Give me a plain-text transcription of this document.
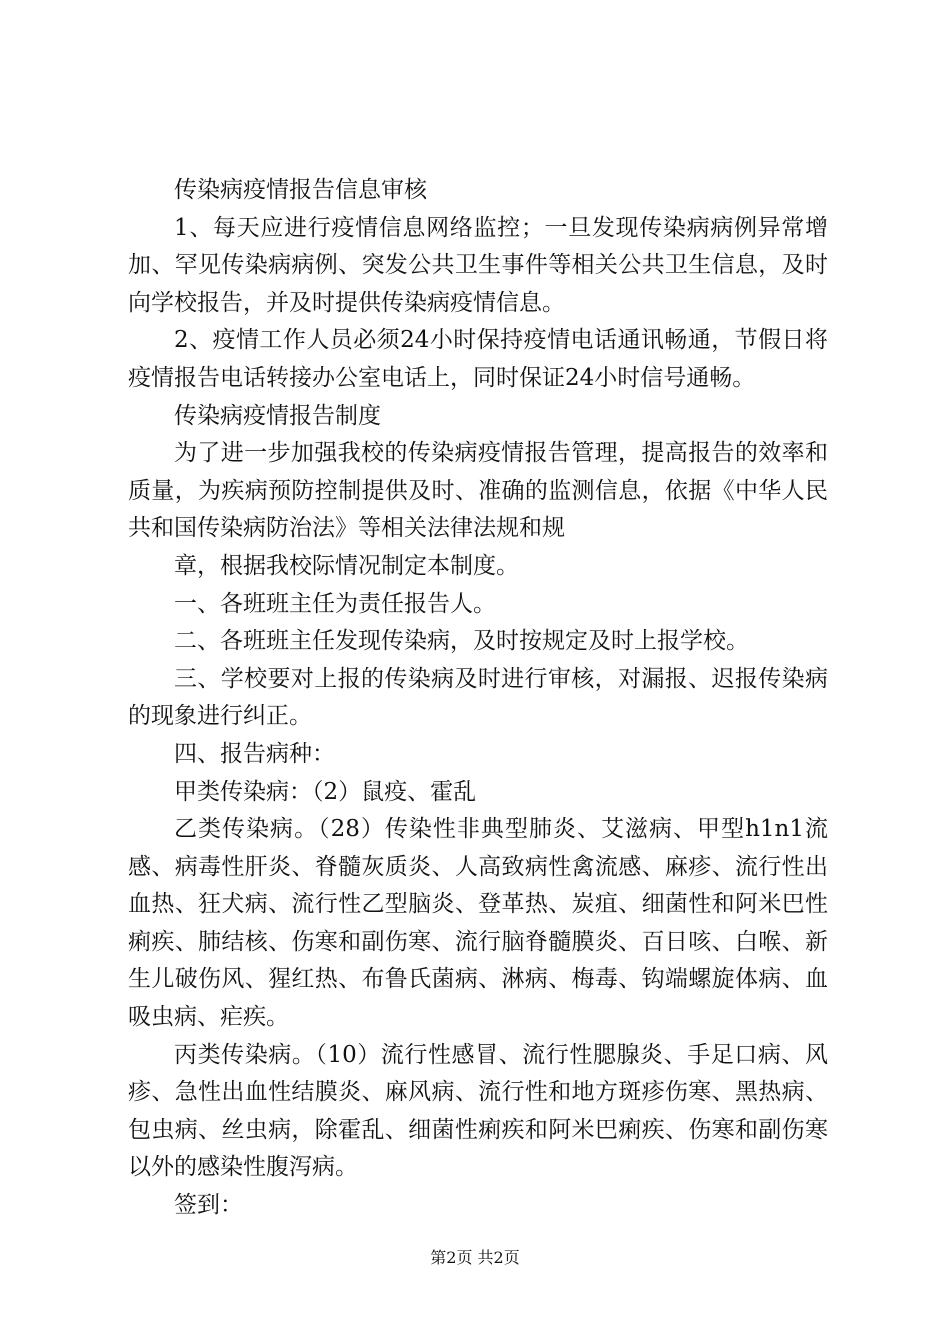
传染病疫情报告信息审核

1、每天应进行疫情信息网络监控；一旦发现传染病病例异常增加、罕见传染病病例、突发公共卫生事件等相关公共卫生信息，及时向学校报告，并及时提供传染病疫情信息。

2、疫情工作人员必须24小时保持疫情电话通讯畅通，节假日将疫情报告电话转接办公室电话上，同时保证24小时信号通畅。

传染病疫情报告制度

为了进一步加强我校的传染病疫情报告管理，提高报告的效率和质量，为疾病预防控制提供及时、准确的监测信息，依据《中华人民共和国传染病防治法》等相关法律法规和规

章，根据我校际情况制定本制度。

一、各班班主任为责任报告人。

二、各班班主任发现传染病，及时按规定及时上报学校。

三、学校要对上报的传染病及时进行审核，对漏报、迟报传染病的现象进行纠正。

四、报告病种：

甲类传染病：（2）鼠疫、霍乱

乙类传染病。（28）传染性非典型肺炎、艾滋病、甲型h1n1流感、病毒性肝炎、脊髓灰质炎、人高致病性禽流感、麻疹、流行性出血热、狂犬病、流行性乙型脑炎、登革热、炭疽、细菌性和阿米巴性痢疾、肺结核、伤寒和副伤寒、流行脑脊髓膜炎、百日咳、白喉、新生儿破伤风、猩红热、布鲁氏菌病、淋病、梅毒、钩端螺旋体病、血吸虫病、疟疾。

丙类传染病。（10）流行性感冒、流行性腮腺炎、手足口病、风疹、急性出血性结膜炎、麻风病、流行性和地方斑疹伤寒、黑热病、包虫病、丝虫病，除霍乱、细菌性痢疾和阿米巴痢疾、伤寒和副伤寒以外的感染性腹泻病。

签到：

第2页 共2页
